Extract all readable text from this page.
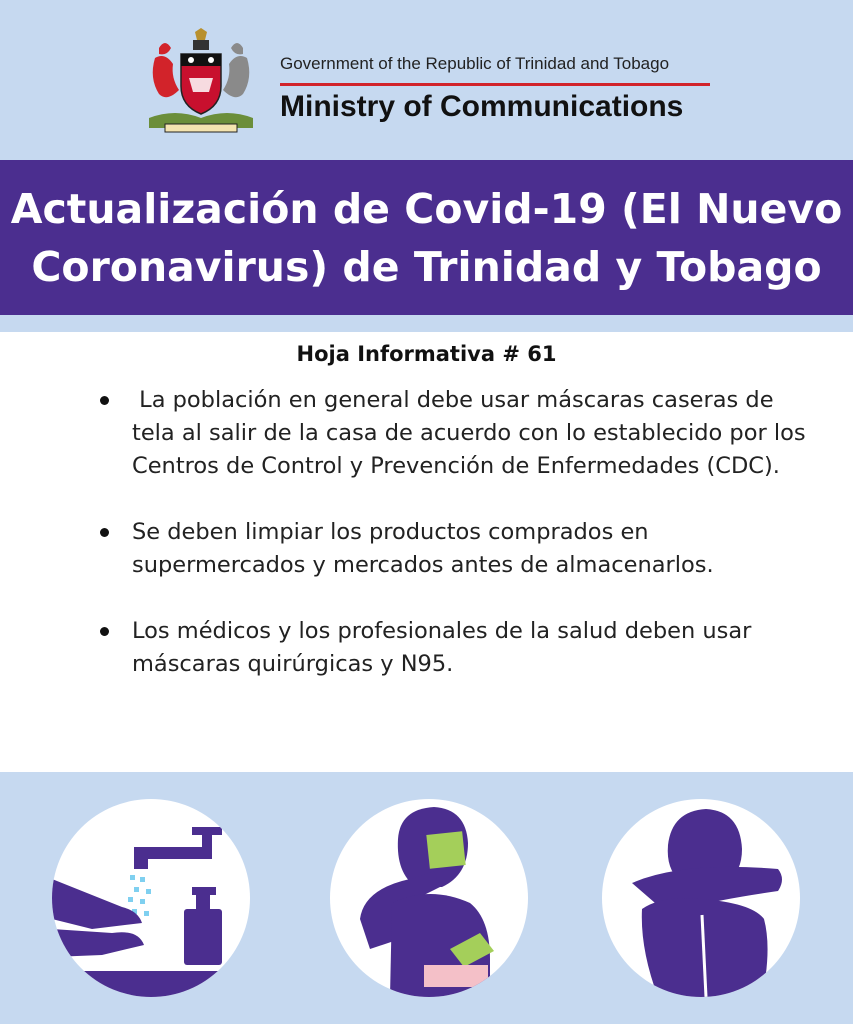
Government of the Republic of Trinidad and Tobago
Ministry of Communications
Actualización de Covid-19 (El Nuevo
Coronavirus) de Trinidad y Tobago
Hoja Informativa # 61
La población en general debe usar máscaras caseras de tela al salir de la casa de acuerdo con lo establecido por los Centros de Control y Prevención de Enfermedades (CDC).
Se deben limpiar los productos comprados en supermercados y mercados antes de almacenarlos.
Los médicos y los profesionales de la salud deben usar máscaras quirúrgicas y N95.
